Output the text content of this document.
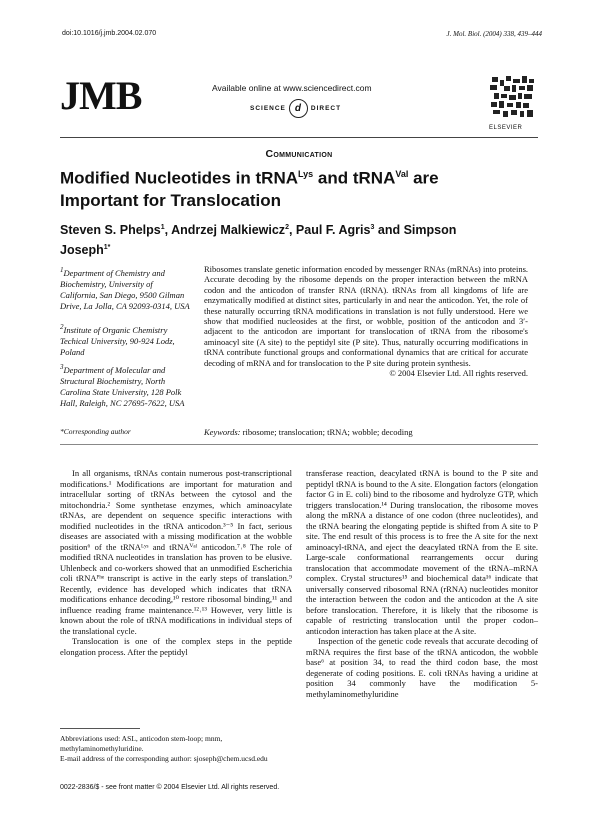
doi:10.1016/j.jmb.2004.02.070	J. Mol. Biol. (2004) 338, 439–444
JMB	Available online at www.sciencedirect.com
SCIENCE d DIRECT
ELSEVIER
Communication
Modified Nucleotides in tRNA$^{Lys}$ and tRNA$^{Val}$ are Important for Translocation
Steven S. Phelps$^1$, Andrzej Malkiewicz$^2$, Paul F. Agris$^3$ and Simpson Joseph$^{1*}$
$^1$Department of Chemistry and Biochemistry, University of California, San Diego, 9500 Gilman Drive, La Jolla, CA 92093-0314, USA
$^2$Institute of Organic Chemistry Techical University, 90-924 Lodz, Poland
$^3$Department of Molecular and Structural Biochemistry, North Carolina State University, 128 Polk Hall, Raleigh, NC 27695-7622, USA
Ribosomes translate genetic information encoded by messenger RNAs (mRNAs) into proteins. Accurate decoding by the ribosome depends on the proper interaction between the mRNA codon and the anticodon of transfer RNA (tRNA). tRNAs from all kingdoms of life are enzymatically modified at distinct sites, particularly in and near the anticodon. Yet, the role of these naturally occurring tRNA modifications in translation is not fully understood. Here we show that modified nucleosides at the first, or wobble, position of the anticodon and 3′-adjacent to the anticodon are important for translocation of tRNA from the ribosome's aminoacyl site (A site) to the peptidyl site (P site). Thus, naturally occurring modifications in tRNA contribute functional groups and conformational dynamics that are critical for accurate decoding of mRNA and for translocation to the P site during protein synthesis.
© 2004 Elsevier Ltd. All rights reserved.
*Corresponding author	Keywords: ribosome; translocation; tRNA; wobble; decoding

In all organisms, tRNAs contain numerous post-transcriptional modifications.¹ Modifications are important for maturation and intracellular sorting of tRNAs between the cytosol and the mitochondria.² Some synthetase enzymes, which aminoacylate tRNAs, are dependent on sequence specific interactions with modified nucleotides in the tRNA anticodon.³⁻⁵ In fact, serious diseases are associated with a missing modification at the wobble position⁶ of the tRNAᴸʸˢ and tRNAⱽᵃˡ anticodon.⁷˒⁸ The role of modified tRNA nucleotides in translation has proven to be elusive. Uhlenbeck and co-workers showed that an unmodified Escherichia coli tRNAᴾʰᵉ transcript is active in the early steps of translation.⁹ Recently, evidence has developed which indicates that tRNA modifications enhance decoding,¹⁰ restore ribosomal binding,¹¹ and influence reading frame maintenance.¹²˒¹³ However, very little is known about the role of tRNA modifications in individual steps of the translational cycle.

Translocation is one of the complex steps in the peptide elongation process. After the peptidyl

transferase reaction, deacylated tRNA is bound to the P site and peptidyl tRNA is bound to the A site. Elongation factors (elongation factor G in E. coli) bind to the ribosome and hydrolyze GTP, which triggers translocation.¹⁴ During translocation, the ribosome moves along the mRNA a distance of one codon (three nucleotides), and the tRNA bearing the elongating peptide is shifted from A site to P site. The end result of this process is to free the A site for the next aminoacyl-tRNA, and eject the deacylated tRNA from the E site. Large-scale conformational rearrangements occur during translocation that accommodate movement of the tRNA–mRNA complex. Crystal structures¹⁵ and biochemical data¹⁶ indicate that universally conserved ribosomal RNA (rRNA) nucleotides monitor the interaction between the codon and the anticodon at the A site before translocation. Therefore, it is likely that the ribosome is capable of restricting translocation until the proper codon–anticodon interaction has taken place at the A site.

Inspection of the genetic code reveals that accurate decoding of mRNA requires the first base of the tRNA anticodon, the wobble base⁶ at position 34, to read the third codon base, the most degenerate of coding positions. E. coli tRNAs having a uridine at position 34 commonly have the modification 5-methylaminomethyluridine

Abbreviations used: ASL, anticodon stem-loop; mnm, methylaminomethyluridine.
E-mail address of the corresponding author: sjoseph@chem.ucsd.edu
0022-2836/$ - see front matter © 2004 Elsevier Ltd. All rights reserved.
